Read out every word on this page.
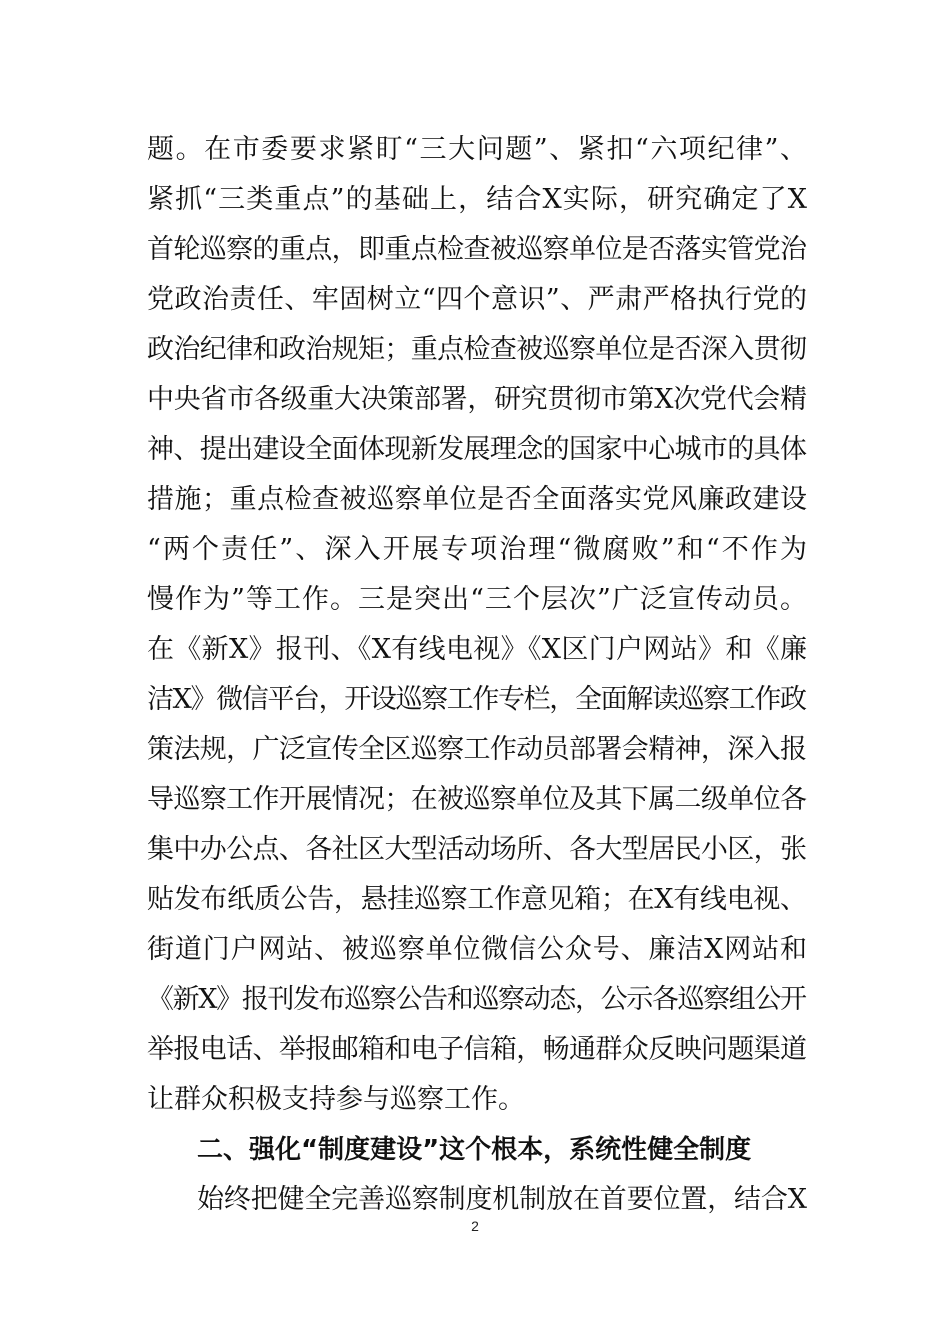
题。在市委要求紧盯“三大问题”、紧扣“六项纪律”、
紧抓“三类重点”的基础上，结合X实际，研究确定了X
首轮巡察的重点，即重点检查被巡察单位是否落实管党治
党政治责任、牢固树立“四个意识”、严肃严格执行党的
政治纪律和政治规矩；重点检查被巡察单位是否深入贯彻
中央省市各级重大决策部署，研究贯彻市第X次党代会精
神、提出建设全面体现新发展理念的国家中心城市的具体
措施；重点检查被巡察单位是否全面落实党风廉政建设
“两个责任”、深入开展专项治理“微腐败”和“不作为
慢作为”等工作。三是突出“三个层次”广泛宣传动员。
在《新X》报刊、《X有线电视》《X区门户网站》和《廉
洁X》微信平台，开设巡察工作专栏，全面解读巡察工作政
策法规，广泛宣传全区巡察工作动员部署会精神，深入报
导巡察工作开展情况；在被巡察单位及其下属二级单位各
集中办公点、各社区大型活动场所、各大型居民小区，张
贴发布纸质公告，悬挂巡察工作意见箱；在X有线电视、
街道门户网站、被巡察单位微信公众号、廉洁X网站和
《新X》报刊发布巡察公告和巡察动态，公示各巡察组公开
举报电话、举报邮箱和电子信箱，畅通群众反映问题渠道
让群众积极支持参与巡察工作。
二、强化“制度建设”这个根本，系统性健全制度
始终把健全完善巡察制度机制放在首要位置，结合X
2
